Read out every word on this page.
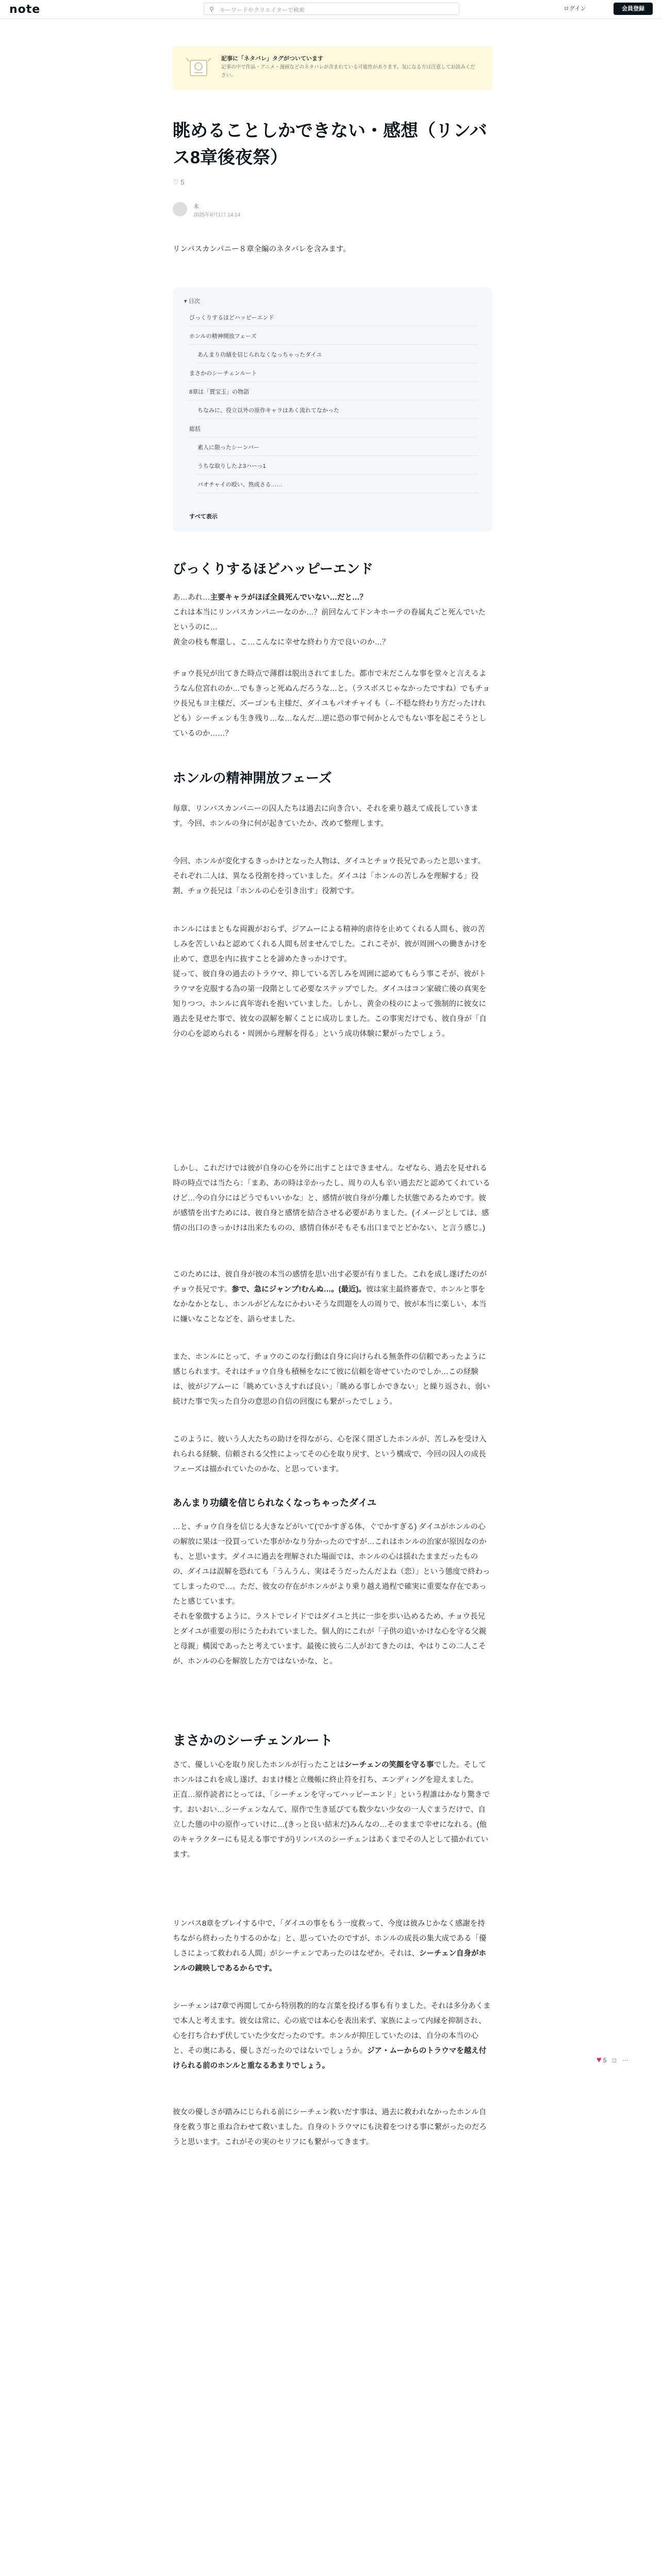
note	⚲ キーワードやクリエイターで検索	ログイン	会員登録
記事に「ネタバレ」タグがついています
記事の中で作品・アニメ・漫画などのネタバレが含まれている可能性があります。気になる方は注意してお読みください。
眺めることしかできない・感想（リンバス8章後夜祭）
♡ 5
未
2025年6月1日 14:14

リンバスカンパニー８章全編のネタバレを含みます。

▾ 目次
びっくりするほどハッピーエンド
ホンルの精神開放フェーズ
あんまり功績を信じられなくなっちゃったダイユ
まさかのシーチェンルート
8章は「賈宝玉」の物語
ちなみに、役立以外の原作キャラはあく流れてなかった
総括
素人に限ったシーンバー
うちな取りしたよ3ハーっ1
パオチャイの殴い、熟成さる……
すべて表示
びっくりするほどハッピーエンド

あ…あれ…主要キャラがほぼ全員死んでいない…だと…？
これは本当にリンバスカンパニーなのか…？前回なんてドンキホーテの眷属丸ごと死んでいたというのに…
黄金の枝も奪還し、こ…こんなに幸せな終わり方で良いのか…？

チョウ長兄が出てきた時点で薄群は脱出されてました。都市で末だこんな事を堂々と言えるようなん位宮れのか…でもきっと死ぬんだろうな…と。（ラスボスじゃなかったですね）でもチョウ長兄もヨ主様だ、ズーゴンも主様だ、ダイユもパオチャイも（←不穏な終わり方だったけれども）シーチェンも生き残り…な…なんだ…逆に恐の事で何かとんでもない事を起こそうとしているのか……？

ホンルの精神開放フェーズ

毎章、リンバスカンパニーの囚人たちは過去に向き合い、それを乗り越えて成長していきます。今回、ホンルの身に何が起きていたか、改めて整理します。

今回、ホンルが変化するきっかけとなった人物は、ダイユとチョウ長兄であったと思います。それぞれ二人は、異なる役割を持っていました。ダイユは「ホンルの苦しみを理解する」役割、チョウ長兄は「ホンルの心を引き出す」役割です。

ホンルにはまともな両親がおらず、ジアムーによる精神的虐待を止めてくれる人間も、彼の苦しみを苦しいねと認めてくれる人間も居ませんでした。これこそが、彼が周囲への働きかけを止めて、意思を内に抜すことを諦めたきっかけです。
従って、彼自身の過去のトラウマ、抑している苦しみを周囲に認めてもらう事こそが、彼がトラウマを克服する為の第一段階として必要なステップでした。ダイユはコン家破亡後の真実を知りつつ、ホンルに真年寄れを抱いていました。しかし、黄金の枝のによって強制的に彼女に過去を見せた事で、彼女の誤解を解くことに成功しました。この事実だけでも、彼自身が「自分の心を認められる・周囲から理解を得る」という成功体験に繋がったでしょう。

しかし、これだけでは彼が自身の心を外に出すことはできません。なぜなら、過去を見せれる時の時点では当たら：「まあ、あの時は辛かったし、周りの人も辛い過去だと認めてくれているけど…今の自分にはどうでもいいかな」と、感情が彼自身が分離した状態であるためです。彼が感情を出すためには、彼自身と感情を結合させる必要がありました。(イメージとしては、感情の出口のきっかけは出来たものの、感情自体がそもそも出口までとどかない、と言う感じ。)

このためには、彼自身が彼の本当の感情を思い出す必要が有りました。これを成し遂げたのがチョウ長兄です。参で、急にジャンプ!むんぬ…。(最近)。彼は家主最終審査で、ホンルと事をなかなかとなし、ホンルがどんなにかわいそうな問題を人の周りで、彼が本当に楽しい、本当に嫌いなことなどを、語らせました。

また、ホンルにとって、チョウのこのな行動は自身に向けられる無条件の信頼であったように感じられます。それはチョウ自身も積極をなにて彼に信頼を寄せていたのでしか…この経験は、彼がジアムーに「眺めていさえすれば良い」「眺める事しかできない」と繰り返され、弱い続けた事で失った自分の意思の自信の回復にも繋がったでしょう。

このように、彼いう人大たちの助けを得ながら、心を深く閉ざしたホンルが、苦しみを受け入れられる経験、信頼される父性によってその心を取り戻す、という構成で、今回の囚人の成長フェーズは描かれていたのかな、と思っています。

あんまり功績を信じられなくなっちゃったダイユ

…と、チョウ自身を信じる大きなどがいて(でかすぎる体、ぐでかすぎる) ダイユがホンルの心の解放に果は一役買っていた事がかなり分かったのですが…これはホンルの治家が原因なのかも、と思います。ダイユに過去を理解された場面では、ホンルの心は揺れたままだったものの、ダイユは誤解を恐れても「うんうん、実はそうだったんだよね（恋）」という態度で終わってしまったので…。ただ、彼女の存在がホンルがより乗り越え過程で確実に重要な存在であったと感じています。
それを象徴するように、ラストでレイドではダイユと共に一歩を歩い込めるため、チョウ長兄とダイユが重要の形にうたわれていました。個人的にこれが「子供の追いかけな心を守る父親と母親」構図であったと考えています。最後に彼ら二人がおてきたのは、やはりこの二人こそが、ホンルの心を解放した方ではないかな、と。

まさかのシーチェンルート

さて、優しい心を取り戻したホンルが行ったことはシーチェンの笑顔を守る事でした。そしてホンルはこれを成し遂げ、おまけ楼と立幾帳に終止符を打ち、エンディングを迎えました。
正直…原作読者にとっては、「シーチェンを守ってハッピーエンド」という程誰はかなり驚きです。おいおい…シーチェンなんて、原作で生き延びても数少ない少女の一人ぐまうだけで、自立した態の中の原作っていけに…(きっと良い結末だ)みんなの…そのままで幸せになれる。(他のキャラクターにも見える事ですが)リンバスのシーチェンはあくまでその人として描かれています。

リンバス8章をプレイする中で、「ダイユの事をもう一度救って、今度は彼みじかなく感謝を持ちながら終わったりするのかな」と、思っていたのですが、ホンルの成長の集大成である「優しさによって救われる人間」がシーチェンであったのはなぜか。それは、シーチェン自身がホンルの鏡映しであるからです。

シーチェンは7章で再閲してから特別教的的な言葉を投げる事も有りました。それは多分あくまで本人と考えます。彼女は常に、心の底では本心を表出来ず、家族によって内縁を抑制され、心を打ち合わず伏していた少女だったのです。ホンルが抑圧していたのは、自分の本当の心と、その奥にある、優しさだったのではないでしょうか。ジア・ムーからのトラウマを越え付けられる前のホンルと重なるあまりでしょう。

彼女の優しさが踏みにじられる前にシーチェン救いだす事は、過去に救われなかったホンル自身を救う事と重ね合わせて救いました。自身のトラウマにも決着をつける事に繋がったのだろうと思います。これがその実のセリフにも繋がってきます。

♥ 5 □ ⋯
